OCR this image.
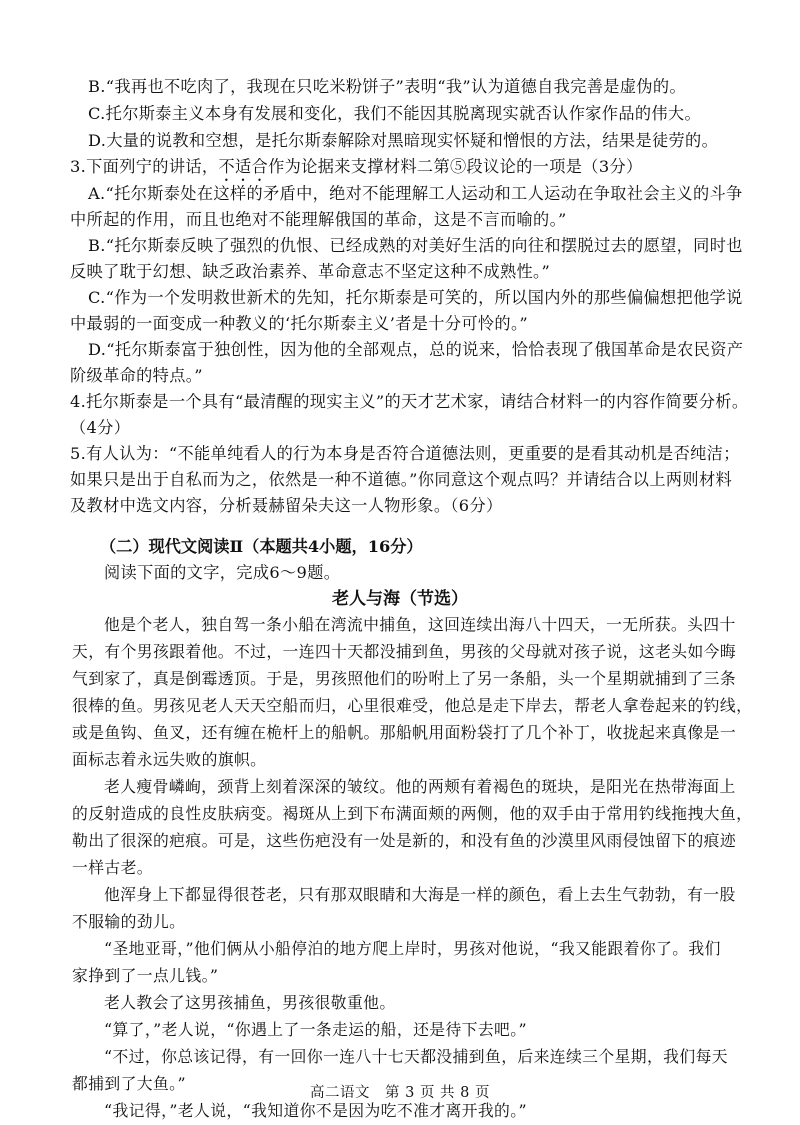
B.“我再也不吃肉了，我现在只吃米粉饼子”表明“我”认为道德自我完善是虚伪的。
C.托尔斯泰主义本身有发展和变化，我们不能因其脱离现实就否认作家作品的伟大。
D.大量的说教和空想，是托尔斯泰解除对黑暗现实怀疑和憎恨的方法，结果是徒劳的。
3.下面列宁的讲话，不适合作为论据来支撑材料二第⑤段议论的一项是（3分）
A.“托尔斯泰处在这样的矛盾中，绝对不能理解工人运动和工人运动在争取社会主义的斗争
中所起的作用，而且也绝对不能理解俄国的革命，这是不言而喻的。”
B.“托尔斯泰反映了强烈的仇恨、已经成熟的对美好生活的向往和摆脱过去的愿望，同时也
反映了耽于幻想、缺乏政治素养、革命意志不坚定这种不成熟性。”
C.“作为一个发明救世新术的先知，托尔斯泰是可笑的，所以国内外的那些偏偏想把他学说
中最弱的一面变成一种教义的‘托尔斯泰主义’者是十分可怜的。”
D.“托尔斯泰富于独创性，因为他的全部观点，总的说来，恰恰表现了俄国革命是农民资产
阶级革命的特点。”
4.托尔斯泰是一个具有“最清醒的现实主义”的天才艺术家，请结合材料一的内容作简要分析。
（4分）
5.有人认为：“不能单纯看人的行为本身是否符合道德法则，更重要的是看其动机是否纯洁；
如果只是出于自私而为之，依然是一种不道德。”你同意这个观点吗？并请结合以上两则材料
及教材中选文内容，分析聂赫留朵夫这一人物形象。（6分）
（二）现代文阅读Ⅱ（本题共4小题，16分）
阅读下面的文字，完成6～9题。
老人与海（节选）
他是个老人，独自驾一条小船在湾流中捕鱼，这回连续出海八十四天，一无所获。头四十
天，有个男孩跟着他。不过，一连四十天都没捕到鱼，男孩的父母就对孩子说，这老头如今晦
气到家了，真是倒霉透顶。于是，男孩照他们的吩咐上了另一条船，头一个星期就捕到了三条
很棒的鱼。男孩见老人天天空船而归，心里很难受，他总是走下岸去，帮老人拿卷起来的钓线，
或是鱼钩、鱼叉，还有缠在桅杆上的船帆。那船帆用面粉袋打了几个补丁，收拢起来真像是一
面标志着永远失败的旗帜。
老人瘦骨嶙峋，颈背上刻着深深的皱纹。他的两颊有着褐色的斑块，是阳光在热带海面上
的反射造成的良性皮肤病变。褐斑从上到下布满面颊的两侧，他的双手由于常用钓线拖拽大鱼，
勒出了很深的疤痕。可是，这些伤疤没有一处是新的，和没有鱼的沙漠里风雨侵蚀留下的痕迹
一样古老。
他浑身上下都显得很苍老，只有那双眼睛和大海是一样的颜色，看上去生气勃勃，有一股
不服输的劲儿。
“圣地亚哥，”他们俩从小船停泊的地方爬上岸时，男孩对他说，“我又能跟着你了。我们
家挣到了一点儿钱。”
老人教会了这男孩捕鱼，男孩很敬重他。
“算了，”老人说，“你遇上了一条走运的船，还是待下去吧。”
“不过，你总该记得，有一回你一连八十七天都没捕到鱼，后来连续三个星期，我们每天
都捕到了大鱼。”
“我记得，”老人说，“我知道你不是因为吃不准才离开我的。”
高二语文　第 3 页 共 8 页
